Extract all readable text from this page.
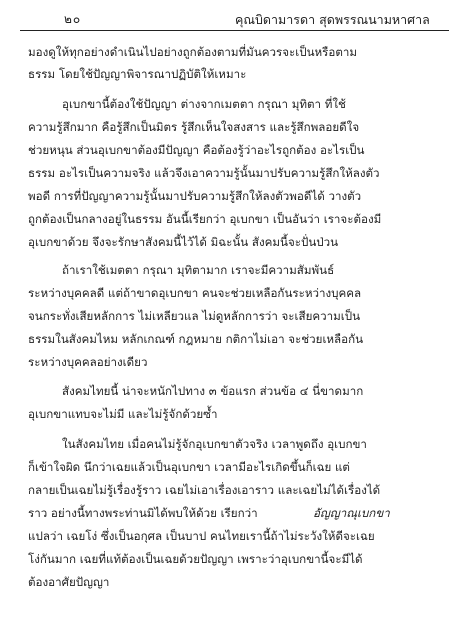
๒๐	คุณบิดามารดา สุดพรรณนามหาศาล
มองดูให้ทุกอย่างดำเนินไปอย่างถูกต้องตามที่มันควรจะเป็นหรือตาม
ธรรม โดยใช้ปัญญาพิจารณาปฏิบัติให้เหมาะ
อุเบกขานี้ต้องใช้ปัญญา ต่างจากเมตตา กรุณา มุทิตา ที่ใช้
ความรู้สึกมาก คือรู้สึกเป็นมิตร รู้สึกเห็นใจสงสาร และรู้สึกพลอยดีใจ
ช่วยหนุน ส่วนอุเบกขาต้องมีปัญญา คือต้องรู้ว่าอะไรถูกต้อง อะไรเป็น
ธรรม อะไรเป็นความจริง แล้วจึงเอาความรู้นั้นมาปรับความรู้สึกให้ลงตัว
พอดี การที่ปัญญาความรู้นั้นมาปรับความรู้สึกให้ลงตัวพอดีได้ วางตัว
ถูกต้องเป็นกลางอยู่ในธรรม อันนี้เรียกว่า อุเบกขา เป็นอันว่า เราจะต้องมี
อุเบกขาด้วย จึงจะรักษาสังคมนี้ไว้ได้ มิฉะนั้น สังคมนี้จะปั่นป่วน
ถ้าเราใช้เมตตา กรุณา มุทิตามาก เราจะมีความสัมพันธ์
ระหว่างบุคคลดี แต่ถ้าขาดอุเบกขา คนจะช่วยเหลือกันระหว่างบุคคล
จนกระทั่งเสียหลักการ ไม่เหลียวแล ไม่ดูหลักการว่า จะเสียความเป็น
ธรรมในสังคมไหม หลักเกณฑ์ กฎหมาย กติกาไม่เอา จะช่วยเหลือกัน
ระหว่างบุคคลอย่างเดียว
สังคมไทยนี้ น่าจะหนักไปทาง ๓ ข้อแรก ส่วนข้อ ๔ นี่ขาดมาก
อุเบกขาแทบจะไม่มี และไม่รู้จักด้วยซ้ำ
ในสังคมไทย เมื่อคนไม่รู้จักอุเบกขาตัวจริง เวลาพูดถึง อุเบกขา
ก็เข้าใจผิด นึกว่าเฉยแล้วเป็นอุเบกขา เวลามีอะไรเกิดขึ้นก็เฉย แต่
กลายเป็นเฉยไม่รู้เรื่องรู้ราว เฉยไม่เอาเรื่องเอาราว และเฉยไม่ได้เรื่องได้
ราว อย่างนี้ทางพระท่านมิได้พบให้ด้วย เรียกว่า	อัญญาณุเบกขา
แปลว่า เฉยโง่ ซึ่งเป็นอกุศล เป็นบาป คนไทยเรานี้ถ้าไม่ระวังให้ดีจะเฉย
โง่กันมาก เฉยที่แท้ต้องเป็นเฉยด้วยปัญญา เพราะว่าอุเบกขานี้จะมีได้
ต้องอาศัยปัญญา
